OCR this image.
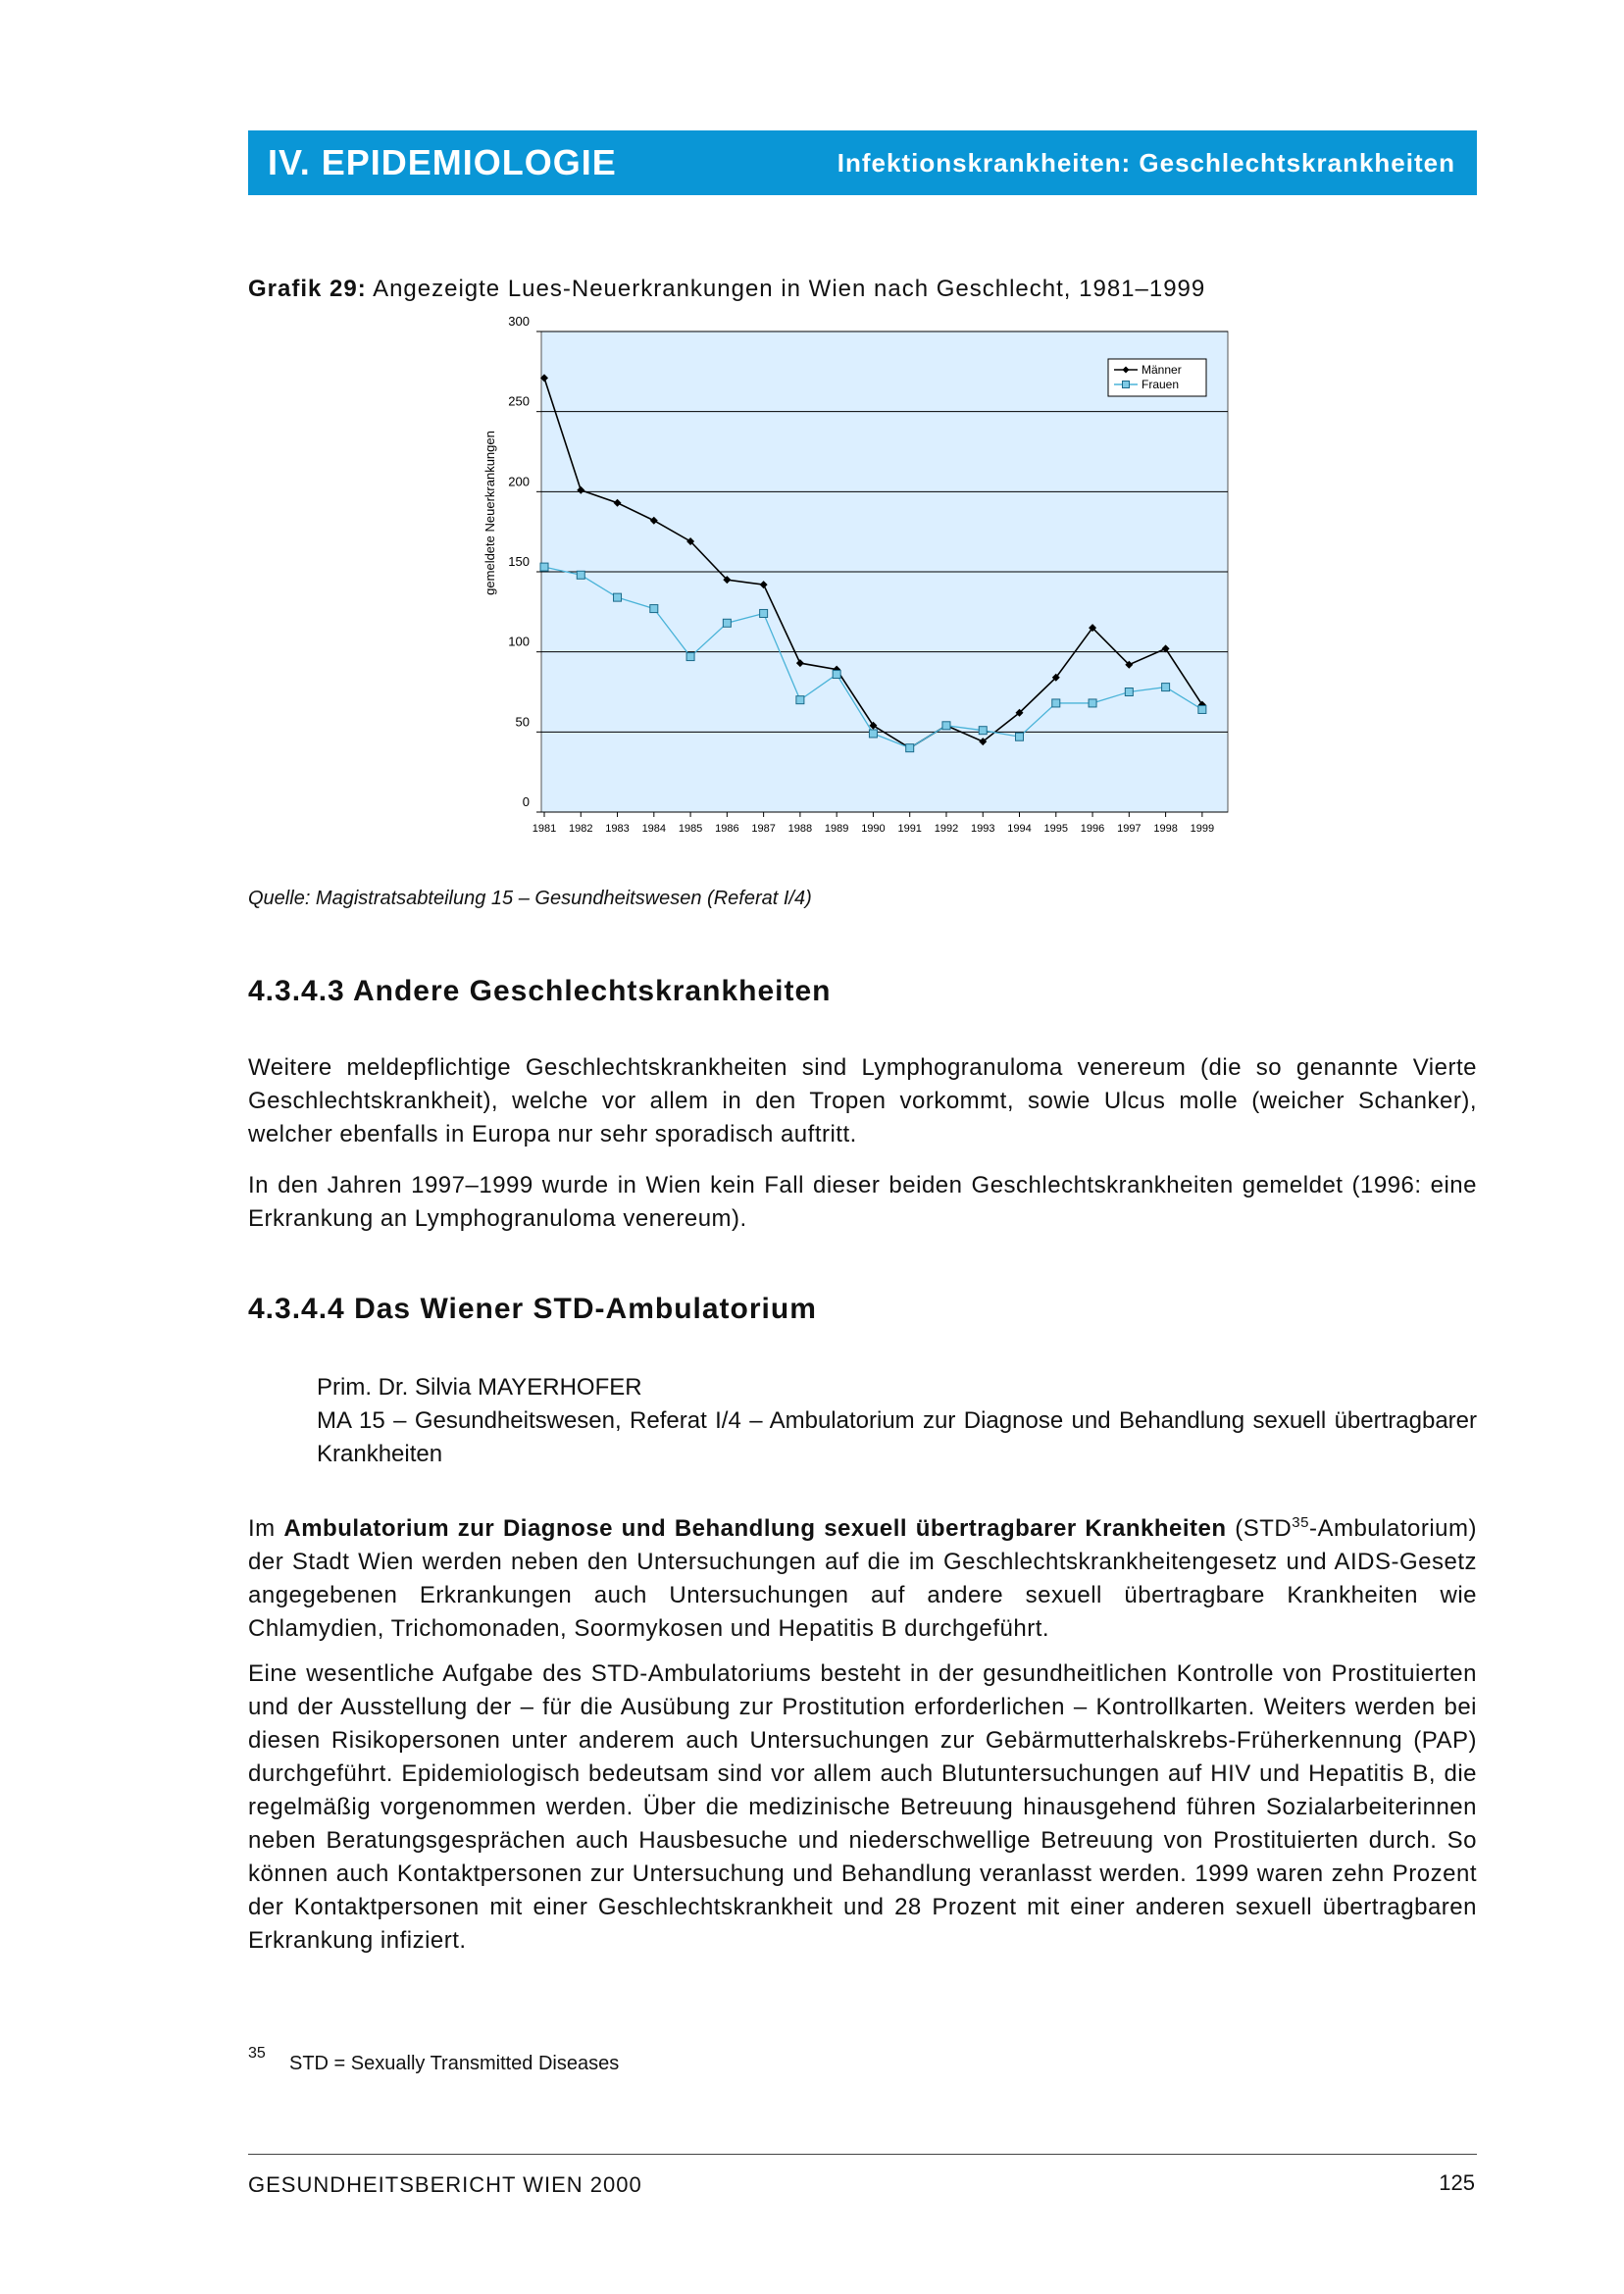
IV. EPIDEMIOLOGIE	Infektionskrankheiten: Geschlechtskrankheiten
Grafik 29: Angezeigte Lues-Neuerkrankungen in Wien nach Geschlecht, 1981–1999
0
50
100
150
200
250
300
1981 1982 1983 1984 1985 1986 1987 1988 1989 1990 1991 1992 1993 1994 1995 1996 1997 1998 1999
gemeldete Neuerkrankungen
Männer
Frauen
Quelle: Magistratsabteilung 15 – Gesundheitswesen (Referat I/4)
4.3.4.3 Andere Geschlechtskrankheiten
Weitere meldepflichtige Geschlechtskrankheiten sind Lymphogranuloma venereum (die so genannte Vierte Geschlechtskrankheit), welche vor allem in den Tropen vorkommt, sowie Ulcus molle (weicher Schanker), welcher ebenfalls in Europa nur sehr sporadisch auftritt.
In den Jahren 1997–1999 wurde in Wien kein Fall dieser beiden Geschlechtskrankheiten gemeldet (1996: eine Erkrankung an Lymphogranuloma venereum).
4.3.4.4 Das Wiener STD-Ambulatorium
Prim. Dr. Silvia MAYERHOFER
MA 15 – Gesundheitswesen, Referat I/4 – Ambulatorium zur Diagnose und Behandlung sexuell übertragbarer Krankheiten
Im Ambulatorium zur Diagnose und Behandlung sexuell übertragbarer Krankheiten (STD$^{35}$-Ambulatorium) der Stadt Wien werden neben den Untersuchungen auf die im Geschlechtskrankheitengesetz und AIDS-Gesetz angegebenen Erkrankungen auch Untersuchungen auf andere sexuell übertragbare Krankheiten wie Chlamydien, Trichomonaden, Soormykosen und Hepatitis B durchgeführt.
Eine wesentliche Aufgabe des STD-Ambulatoriums besteht in der gesundheitlichen Kontrolle von Prostituierten und der Ausstellung der – für die Ausübung zur Prostitution erforderlichen – Kontrollkarten. Weiters werden bei diesen Risikopersonen unter anderem auch Untersuchungen zur Gebärmutterhalskrebs-Früherkennung (PAP) durchgeführt. Epidemiologisch bedeutsam sind vor allem auch Blutuntersuchungen auf HIV und Hepatitis B, die regelmäßig vorgenommen werden. Über die medizinische Betreuung hinausgehend führen Sozialarbeiterinnen neben Beratungsgesprächen auch Hausbesuche und niederschwellige Betreuung von Prostituierten durch. So können auch Kontaktpersonen zur Untersuchung und Behandlung veranlasst werden. 1999 waren zehn Prozent der Kontaktpersonen mit einer Geschlechtskrankheit und 28 Prozent mit einer anderen sexuell übertragbaren Erkrankung infiziert.
35 STD = Sexually Transmitted Diseases
GESUNDHEITSBERICHT WIEN 2000	125
